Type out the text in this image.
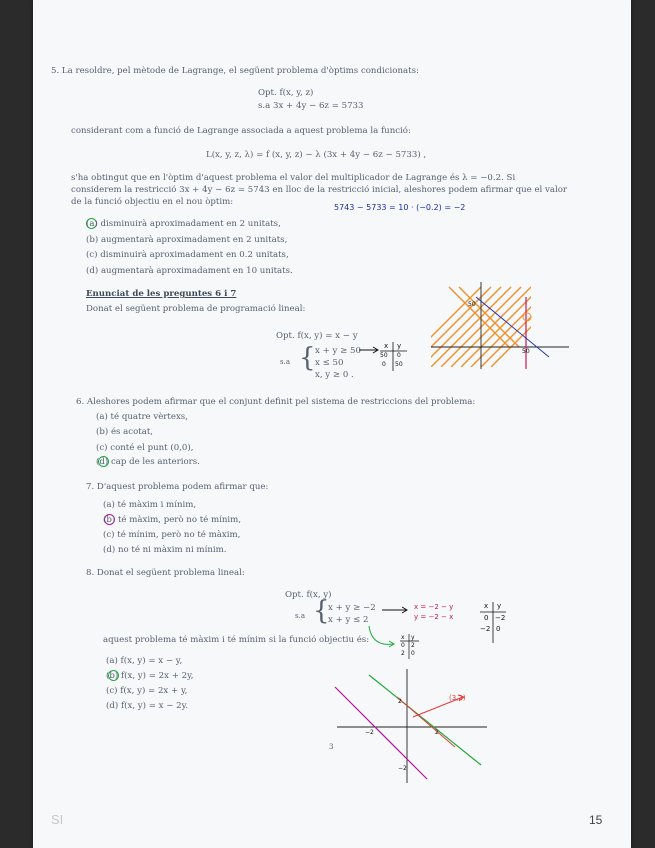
5. La resoldre, pel mètode de Lagrange, el següent problema d'òptims condicionats:
Opt. f(x, y, z)
s.a 3x + 4y − 6z = 5733
considerant com a funció de Lagrange associada a aquest problema la funció:
L(x, y, z, λ) = f (x, y, z) − λ (3x + 4y − 6z − 5733) ,
s'ha obtingut que en l'òptim d'aquest problema el valor del multiplicador de Lagrange és λ = −0.2. Si
considerem la restricció 3x + 4y − 6z = 5743 en lloc de la restricció inicial, aleshores podem afirmar que el valor
de la funció objectiu en el nou òptim:
5743 − 5733 = 10 · (−0.2) = −2
(a) disminuirà aproximadament en 2 unitats,
(b) augmentarà aproximadament en 2 unitats,
(c) disminuirà aproximadament en 0.2 unitats,
(d) augmentarà aproximadament en 10 unitats.
Enunciat de les preguntes 6 i 7
Donat el següent problema de programació lineal:
Opt. f(x, y) = x − y
s.a { x + y ≥ 50
x ≤ 50
x, y ≥ 0 .
x y
50 0
0 50
50
50
6. Aleshores podem afirmar que el conjunt definit pel sistema de restriccions del problema:
(a) té quatre vèrtexs,
(b) és acotat,
(c) conté el punt (0,0),
(d) cap de les anteriors.
7. D'aquest problema podem afirmar que:
(a) té màxim i mínim,
(b) té màxim, però no té mínim,
(c) té mínim, però no té màxim,
(d) no té ni màxim ni mínim.
8. Donat el següent problema lineal:
Opt. f(x, y)
s.a {
x + y ≥ −2
x + y ≤ 2
x = −2 − y
y = −2 − x
x y
0 −2
−2 0
aquest problema té màxim i té mínim si la funció objectiu és:	x y
0 2
2 0
(a) f(x, y) = x − y,
(b) f(x, y) = 2x + 2y,
(c) f(x, y) = 2x + y,
(d) f(x, y) = x − 2y.
(3,2)
2
−2
−2
2
3
SI	15
